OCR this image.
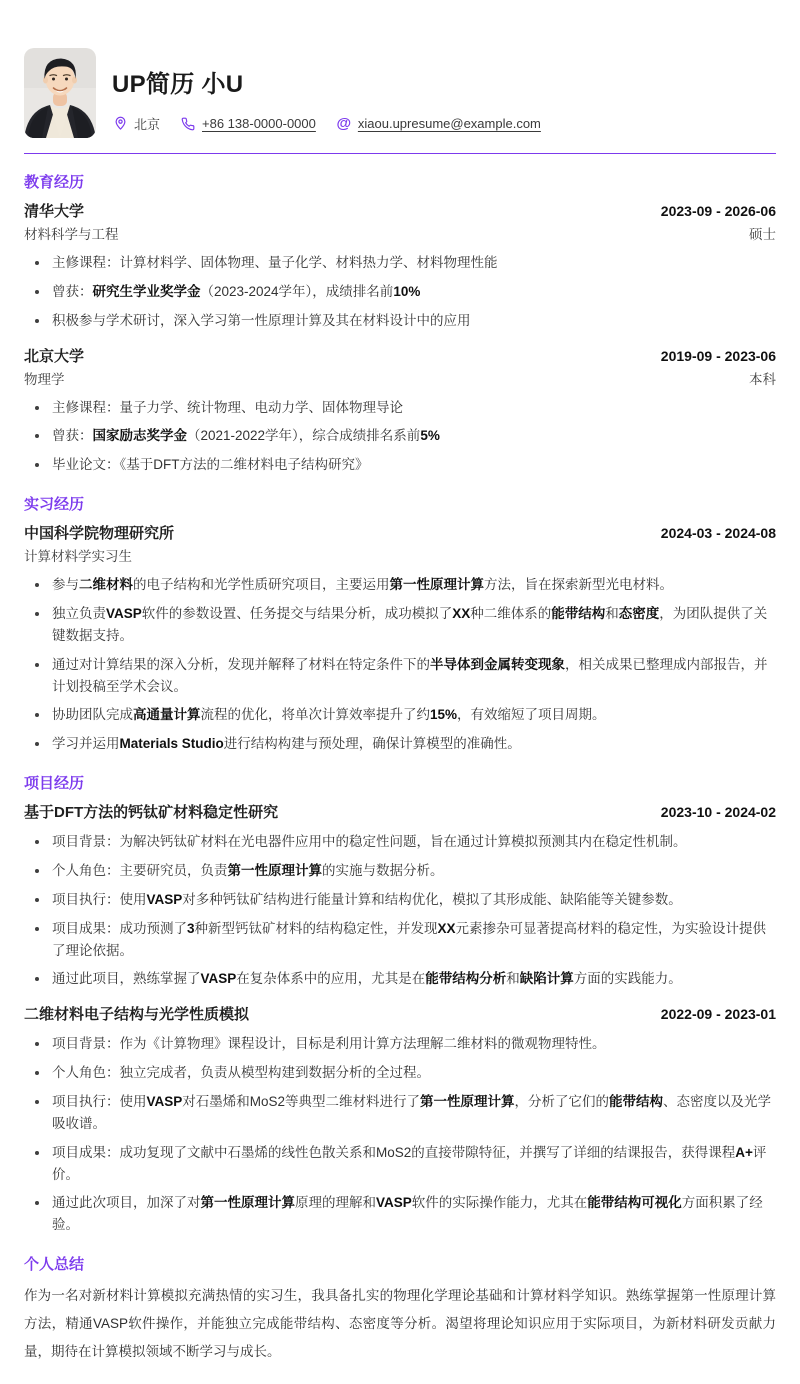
UP简历 小U
北京	+86 138-0000-0000 @ xiaou.upresume@example.com
教育经历
清华大学	2023-09 - 2026-06
材料科学与工程	硕士
主修课程：计算材料学、固体物理、量子化学、材料热力学、材料物理性能
曾获：研究生学业奖学金（2023-2024学年），成绩排名前10%
积极参与学术研讨，深入学习第一性原理计算及其在材料设计中的应用
北京大学	2019-09 - 2023-06
物理学	本科
主修课程：量子力学、统计物理、电动力学、固体物理导论
曾获：国家励志奖学金（2021-2022学年），综合成绩排名系前5%
毕业论文：《基于DFT方法的二维材料电子结构研究》
实习经历
中国科学院物理研究所	2024-03 - 2024-08
计算材料学实习生
参与二维材料的电子结构和光学性质研究项目，主要运用第一性原理计算方法，旨在探索新型光电材料。
独立负责VASP软件的参数设置、任务提交与结果分析，成功模拟了XX种二维体系的能带结构和态密度，为团队提供了关键数据支持。
通过对计算结果的深入分析，发现并解释了材料在特定条件下的半导体到金属转变现象，相关成果已整理成内部报告，并计划投稿至学术会议。
协助团队完成高通量计算流程的优化，将单次计算效率提升了约15%，有效缩短了项目周期。
学习并运用Materials Studio进行结构构建与预处理，确保计算模型的准确性。
项目经历
基于DFT方法的钙钛矿材料稳定性研究	2023-10 - 2024-02
项目背景：为解决钙钛矿材料在光电器件应用中的稳定性问题，旨在通过计算模拟预测其内在稳定性机制。
个人角色：主要研究员，负责第一性原理计算的实施与数据分析。
项目执行：使用VASP对多种钙钛矿结构进行能量计算和结构优化，模拟了其形成能、缺陷能等关键参数。
项目成果：成功预测了3种新型钙钛矿材料的结构稳定性，并发现XX元素掺杂可显著提高材料的稳定性，为实验设计提供了理论依据。
通过此项目，熟练掌握了VASP在复杂体系中的应用，尤其是在能带结构分析和缺陷计算方面的实践能力。
二维材料电子结构与光学性质模拟	2022-09 - 2023-01
项目背景：作为《计算物理》课程设计，目标是利用计算方法理解二维材料的微观物理特性。
个人角色：独立完成者，负责从模型构建到数据分析的全过程。
项目执行：使用VASP对石墨烯和MoS2等典型二维材料进行了第一性原理计算，分析了它们的能带结构、态密度以及光学吸收谱。
项目成果：成功复现了文献中石墨烯的线性色散关系和MoS2的直接带隙特征，并撰写了详细的结课报告，获得课程A+评价。
通过此次项目，加深了对第一性原理计算原理的理解和VASP软件的实际操作能力，尤其在能带结构可视化方面积累了经验。
个人总结

作为一名对新材料计算模拟充满热情的实习生，我具备扎实的物理化学理论基础和计算材料学知识。熟练掌握第一性原理计算方法，精通VASP软件操作，并能独立完成能带结构、态密度等分析。渴望将理论知识应用于实际项目，为新材料研发贡献力量，期待在计算模拟领域不断学习与成长。
